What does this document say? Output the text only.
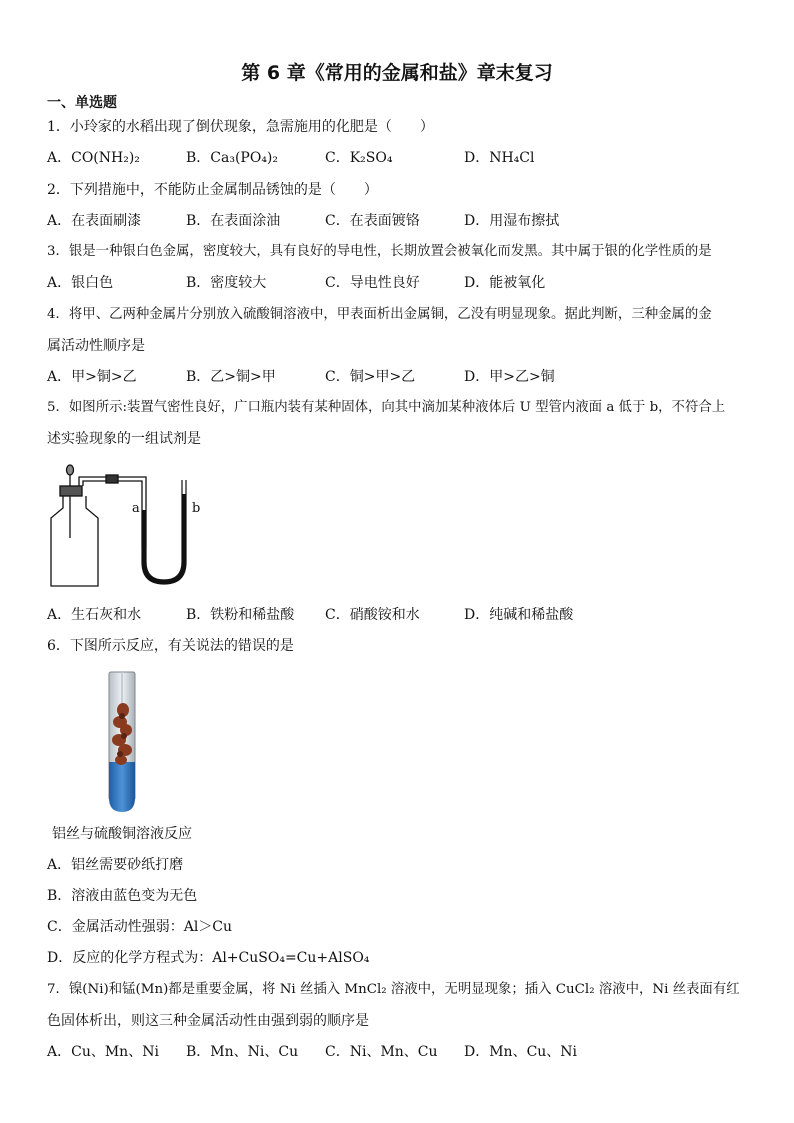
第 6 章《常用的金属和盐》章末复习
一、单选题
1．小玲家的水稻出现了倒伏现象，急需施用的化肥是（　　）
A．CO(NH₂)₂	B．Ca₃(PO₄)₂	C．K₂SO₄	D．NH₄Cl
2．下列措施中，不能防止金属制品锈蚀的是（　　）
A．在表面刷漆	B．在表面涂油	C．在表面镀铬	D．用湿布擦拭
3．银是一种银白色金属，密度较大，具有良好的导电性，长期放置会被氧化而发黑。其中属于银的化学性质的是
A．银白色	B．密度较大	C．导电性良好	D．能被氧化
4．将甲、乙两种金属片分别放入硫酸铜溶液中，甲表面析出金属铜，乙没有明显现象。据此判断，三种金属的金
属活动性顺序是
A．甲>铜>乙	B．乙>铜>甲	C．铜>甲>乙	D．甲>乙>铜
5．如图所示:装置气密性良好，广口瓶内装有某种固体，向其中滴加某种液体后 U 型管内液面 a 低于 b，不符合上
述实验现象的一组试剂是
a	b
A．生石灰和水	B．铁粉和稀盐酸 C．硝酸铵和水	D．纯碱和稀盐酸
6．下图所示反应，有关说法的错误的是
铝丝与硫酸铜溶液反应
A．铝丝需要砂纸打磨
B．溶液由蓝色变为无色
C．金属活动性强弱：Al＞Cu
D．反应的化学方程式为：Al+CuSO₄=Cu+AlSO₄
7．镍(Ni)和锰(Mn)都是重要金属，将 Ni 丝插入 MnCl₂ 溶液中，无明显现象；插入 CuCl₂ 溶液中，Ni 丝表面有红
色固体析出，则这三种金属活动性由强到弱的顺序是
A．Cu、Mn、Ni B．Mn、Ni、Cu C．Ni、Mn、Cu D．Mn、Cu、Ni
